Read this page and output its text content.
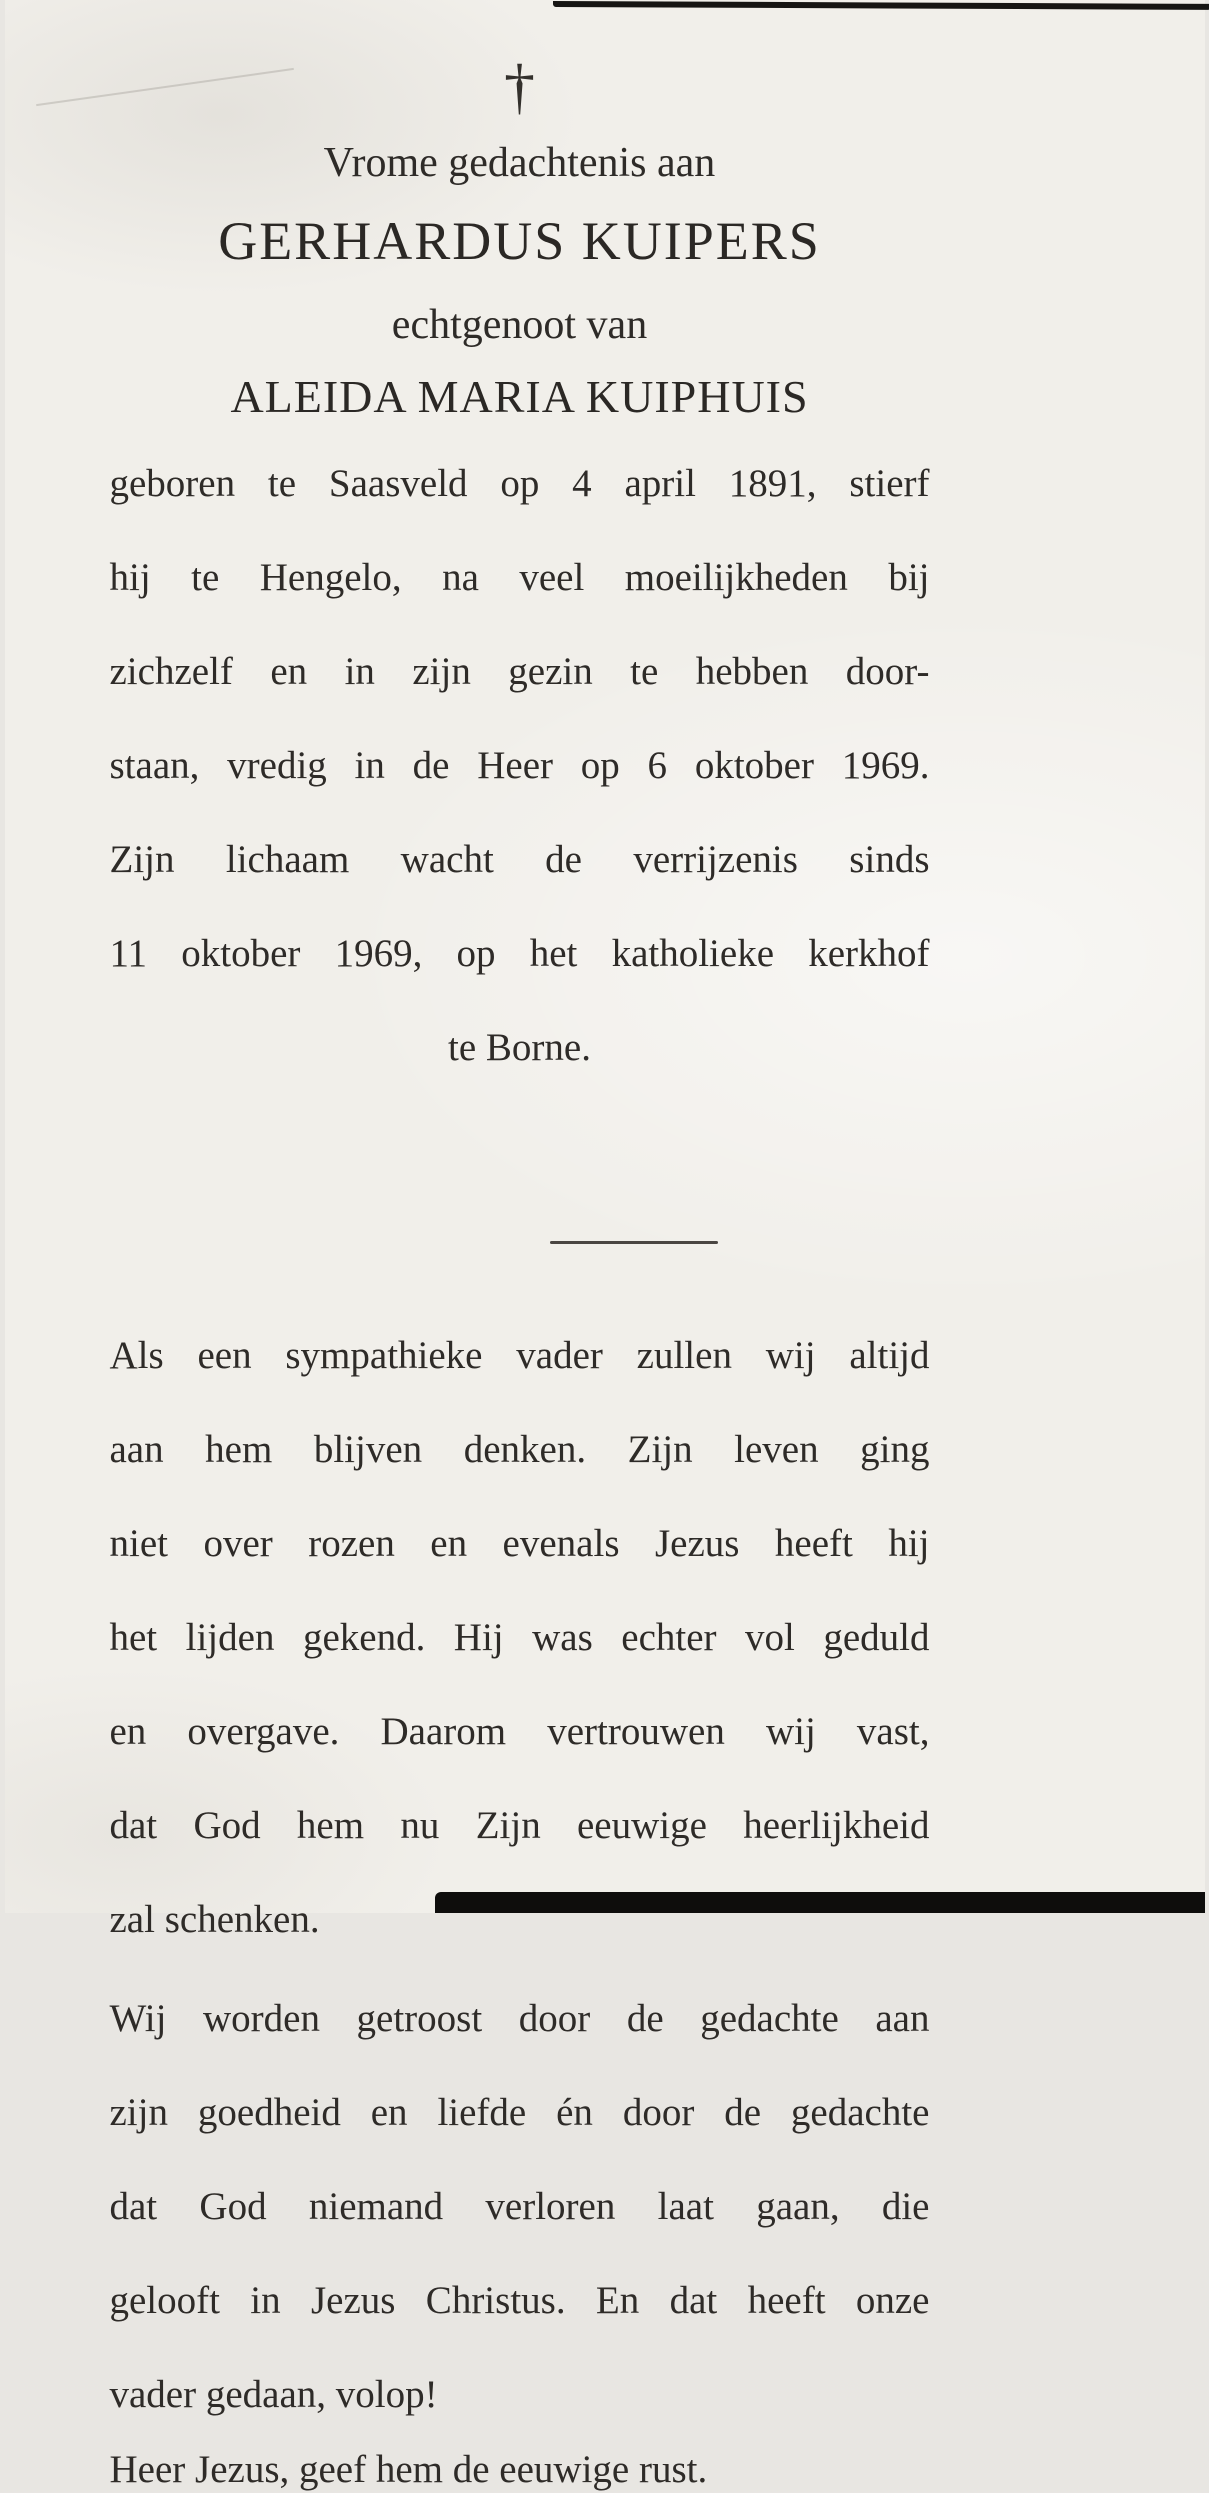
†
Vrome gedachtenis aan
GERHARDUS KUIPERS
echtgenoot van
ALEIDA MARIA KUIPHUIS
geboren te Saasveld op 4 april 1891, stierf
hij te Hengelo, na veel moeilijkheden bij
zichzelf en in zijn gezin te hebben door-
staan, vredig in de Heer op 6 oktober 1969.
Zijn lichaam wacht de verrijzenis sinds
11 oktober 1969, op het katholieke kerkhof
te Borne.
Als een sympathieke vader zullen wij altijd
aan hem blijven denken. Zijn leven ging
niet over rozen en evenals Jezus heeft hij
het lijden gekend. Hij was echter vol geduld
en overgave. Daarom vertrouwen wij vast,
dat God hem nu Zijn eeuwige heerlijkheid
zal schenken.
Wij worden getroost door de gedachte aan
zijn goedheid en liefde én door de gedachte
dat God niemand verloren laat gaan, die
gelooft in Jezus Christus. En dat heeft onze
vader gedaan, volop!
Heer Jezus, geef hem de eeuwige rust.
